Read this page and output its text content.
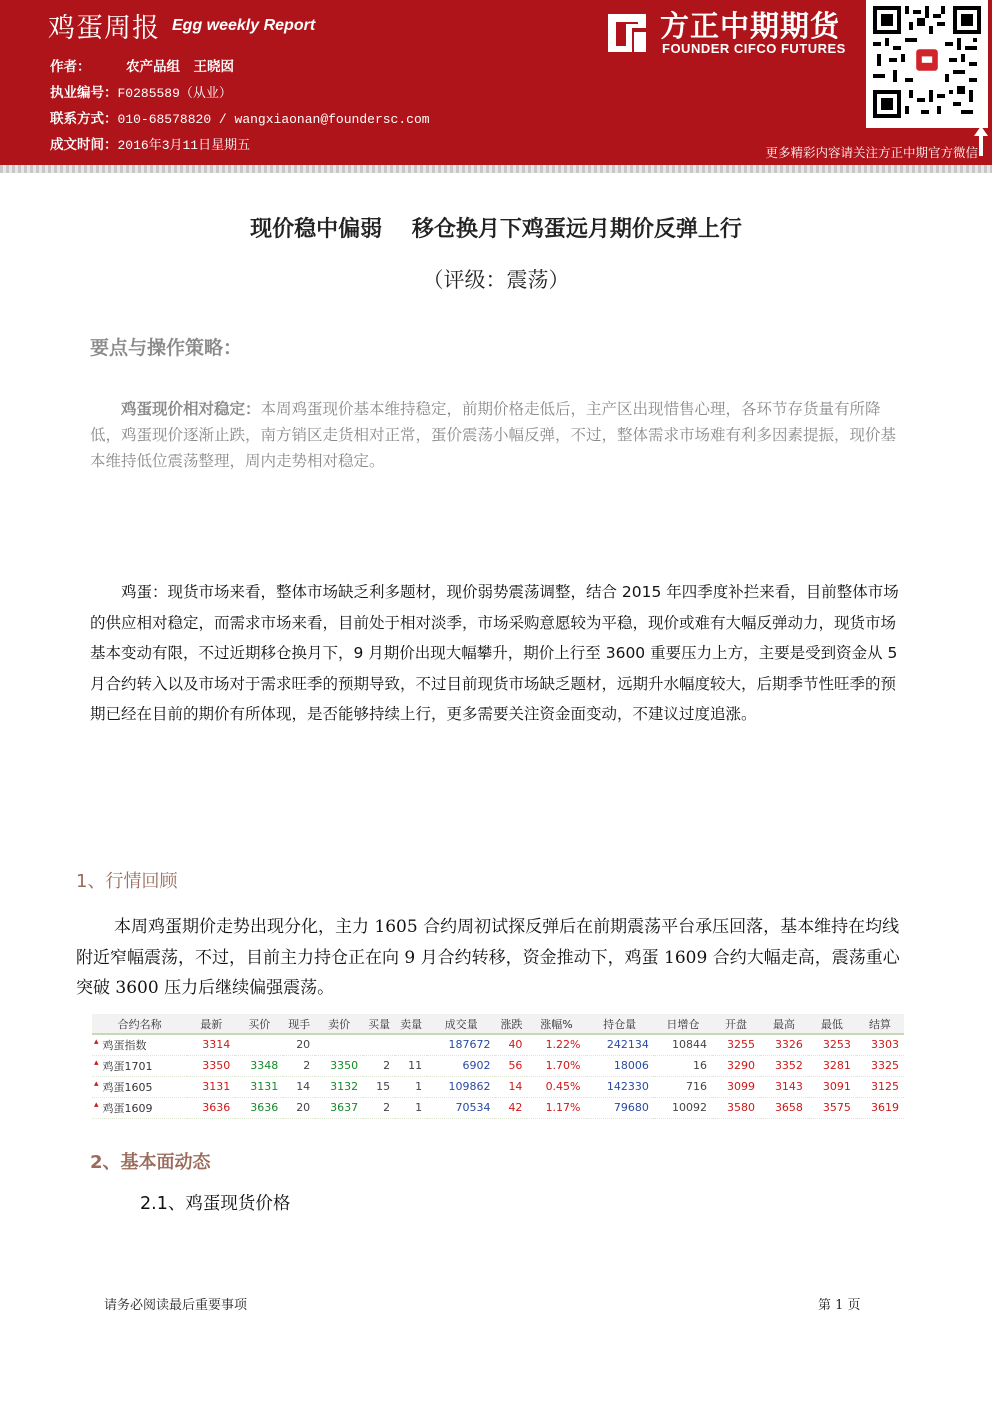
鸡蛋周报 Egg weekly Report
作者：	农产品组　王晓囡
执业编号：F0285589（从业）
联系方式：010-68578820 / wangxiaonan@foundersc.com
成文时间：2016年3月11日星期五
方正中期期货
FOUNDER CIFCO FUTURES
更多精彩内容请关注方正中期官方微信
现价稳中偏弱　 移仓换月下鸡蛋远月期价反弹上行
（评级：震荡）
要点与操作策略：

鸡蛋现价相对稳定：本周鸡蛋现价基本维持稳定，前期价格走低后，主产区出现惜售心理，各环节存货量有所降低，鸡蛋现价逐渐止跌，南方销区走货相对正常，蛋价震荡小幅反弹，不过，整体需求市场难有利多因素提振，现价基本维持低位震荡整理，周内走势相对稳定。

鸡蛋：现货市场来看，整体市场缺乏利多题材，现价弱势震荡调整，结合 2015 年四季度补拦来看，目前整体市场的供应相对稳定，而需求市场来看，目前处于相对淡季，市场采购意愿较为平稳，现价或难有大幅反弹动力，现货市场基本变动有限，不过近期移仓换月下，9 月期价出现大幅攀升，期价上行至 3600 重要压力上方，主要是受到资金从 5 月合约转入以及市场对于需求旺季的预期导致，不过目前现货市场缺乏题材，远期升水幅度较大，后期季节性旺季的预期已经在目前的期价有所体现，是否能够持续上行，更多需要关注资金面变动，不建议过度追涨。

1、行情回顾

本周鸡蛋期价走势出现分化，主力 1605 合约周初试探反弹后在前期震荡平台承压回落，基本维持在均线附近窄幅震荡，不过，目前主力持仓正在向 9 月合约转移，资金推动下，鸡蛋 1609 合约大幅走高，震荡重心突破 3600 压力后继续偏强震荡。

合约名称	最新	买价	现手	卖价	买量	卖量	成交量	涨跌	涨幅%	持仓量	日增仓	开盘	最高	最低	结算
▴ 鸡蛋指数	3314		20				187672	40	1.22%	242134	10844	3255	3326	3253	3303
▴ 鸡蛋1701	3350	3348	2	3350	2	11	6902	56	1.70%	18006	16	3290	3352	3281	3325
▴ 鸡蛋1605	3131	3131	14	3132	15	1	109862	14	0.45%	142330	716	3099	3143	3091	3125
▴ 鸡蛋1609	3636	3636	20	3637	2	1	70534	42	1.17%	79680	10092	3580	3658	3575	3619
2、基本面动态
2.1、鸡蛋现货价格
请务必阅读最后重要事项	第 1 页
